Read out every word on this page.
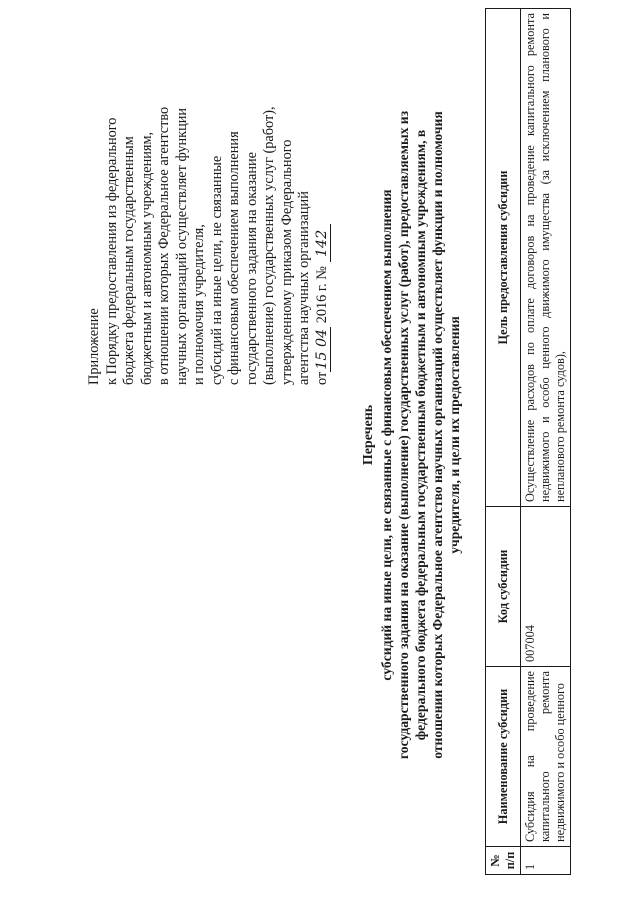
Приложение к Порядку предоставления из федерального бюджета федеральным государственным бюджетным и автономным учреждениям, в отношении которых Федеральное агентство научных организаций осуществляет функции и полномочия учредителя, субсидий на иные цели, не связанные с финансовым обеспечением выполнения государственного задания на оказание (выполнение) государственных услуг (работ), утвержденному приказом Федерального агентства научных организаций от15 04 2016 г. № 142
Перечень субсидий на иные цели, не связанные с финансовым обеспечением выполнения государственного задания на оказание (выполнение) государственных услуг (работ), предоставляемых из федерального бюджета федеральным государственным бюджетным и автономным учреждениям, в отношении которых Федеральное агентство научных организаций осуществляет функции и полномочия учредителя, и цели их предоставления
№ п/п	Наименование субсидии	Код субсидии	Цель предоставления субсидии
1	Субсидия на проведение капитального ремонта недвижимого и особо ценного	007004	Осуществление расходов по оплате договоров на проведение капитального ремонта недвижимого и особо ценного движимого имущества (за исключением планового и непланового ремонта судов),
